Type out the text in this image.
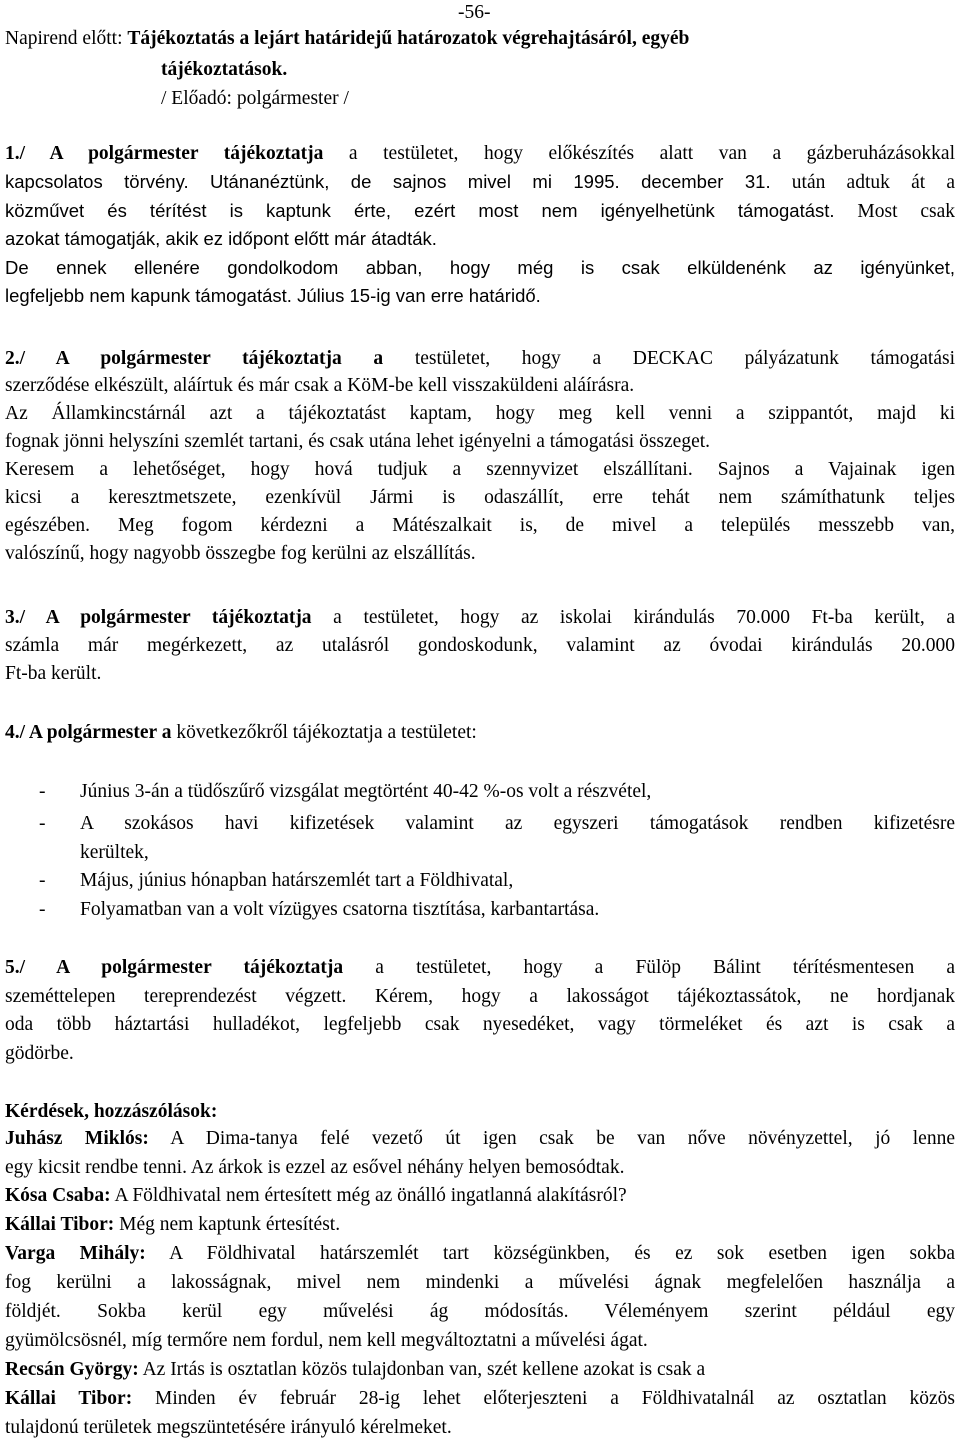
-56-
Napirend előtt: Tájékoztatás a lejárt határidejű határozatok végrehajtásáról, egyéb
tájékoztatások.
/ Előadó: polgármester /
1./ A polgármester tájékoztatja a testületet, hogy előkészítés alatt van a gázberuházásokkal
kapcsolatos törvény. Utánanéztünk, de sajnos mivel mi 1995. december 31. után adtuk át a
közművet és térítést is kaptunk érte, ezért most nem igényelhetünk támogatást. Most csak
azokat támogatják, akik ez időpont előtt már átadták.
De ennek ellenére gondolkodom abban, hogy még is csak elküldenénk az igényünket,
legfeljebb nem kapunk támogatást. Július 15-ig van erre határidő.
2./ A polgármester tájékoztatja a testületet, hogy a DECKAC pályázatunk támogatási
szerződése elkészült, aláírtuk és már csak a KöM-be kell visszaküldeni aláírásra.
Az Államkincstárnál azt a tájékoztatást kaptam, hogy meg kell venni a szippantót, majd ki
fognak jönni helyszíni szemlét tartani, és csak utána lehet igényelni a támogatási összeget.
Keresem a lehetőséget, hogy hová tudjuk a szennyvizet elszállítani. Sajnos a Vajainak igen
kicsi a keresztmetszete, ezenkívül Jármi is odaszállít, erre tehát nem számíthatunk teljes
egészében. Meg fogom kérdezni a Mátészalkait is, de mivel a település messzebb van,
valószínű, hogy nagyobb összegbe fog kerülni az elszállítás.
3./ A polgármester tájékoztatja a testületet, hogy az iskolai kirándulás 70.000 Ft-ba került, a
számla már megérkezett, az utalásról gondoskodunk, valamint az óvodai kirándulás 20.000
Ft-ba került.
4./ A polgármester a következőkről tájékoztatja a testületet:
- Június 3-án a tüdőszűrő vizsgálat megtörtént 40-42 %-os volt a részvétel,
- A szokásos havi kifizetések valamint az egyszeri támogatások rendben kifizetésre
kerültek,
- Május, június hónapban határszemlét tart a Földhivatal,
- Folyamatban van a volt vízügyes csatorna tisztítása, karbantartása.
5./ A polgármester tájékoztatja a testületet, hogy a Fülöp Bálint térítésmentesen a
szeméttelepen tereprendezést végzett. Kérem, hogy a lakosságot tájékoztassátok, ne hordjanak
oda több háztartási hulladékot, legfeljebb csak nyesedéket, vagy törmeléket és azt is csak a
gödörbe.
Kérdések, hozzászólások:
Juhász Miklós: A Dima-tanya felé vezető út igen csak be van nőve növényzettel, jó lenne
egy kicsit rendbe tenni. Az árkok is ezzel az esővel néhány helyen bemosódtak.
Kósa Csaba: A Földhivatal nem értesített még az önálló ingatlanná alakításról?
Kállai Tibor: Még nem kaptunk értesítést.
Varga Mihály: A Földhivatal határszemlét tart községünkben, és ez sok esetben igen sokba
fog kerülni a lakosságnak, mivel nem mindenki a művelési ágnak megfelelően használja a
földjét. Sokba kerül egy művelési ág módosítás. Véleményem szerint például egy
gyümölcsösnél, míg termőre nem fordul, nem kell megváltoztatni a művelési ágat.
Recsán György: Az Irtás is osztatlan közös tulajdonban van, szét kellene azokat is csak a
Kállai Tibor: Minden év február 28-ig lehet előterjeszteni a Földhivatalnál az osztatlan közös
tulajdonú területek megszüntetésére irányuló kérelmeket.
